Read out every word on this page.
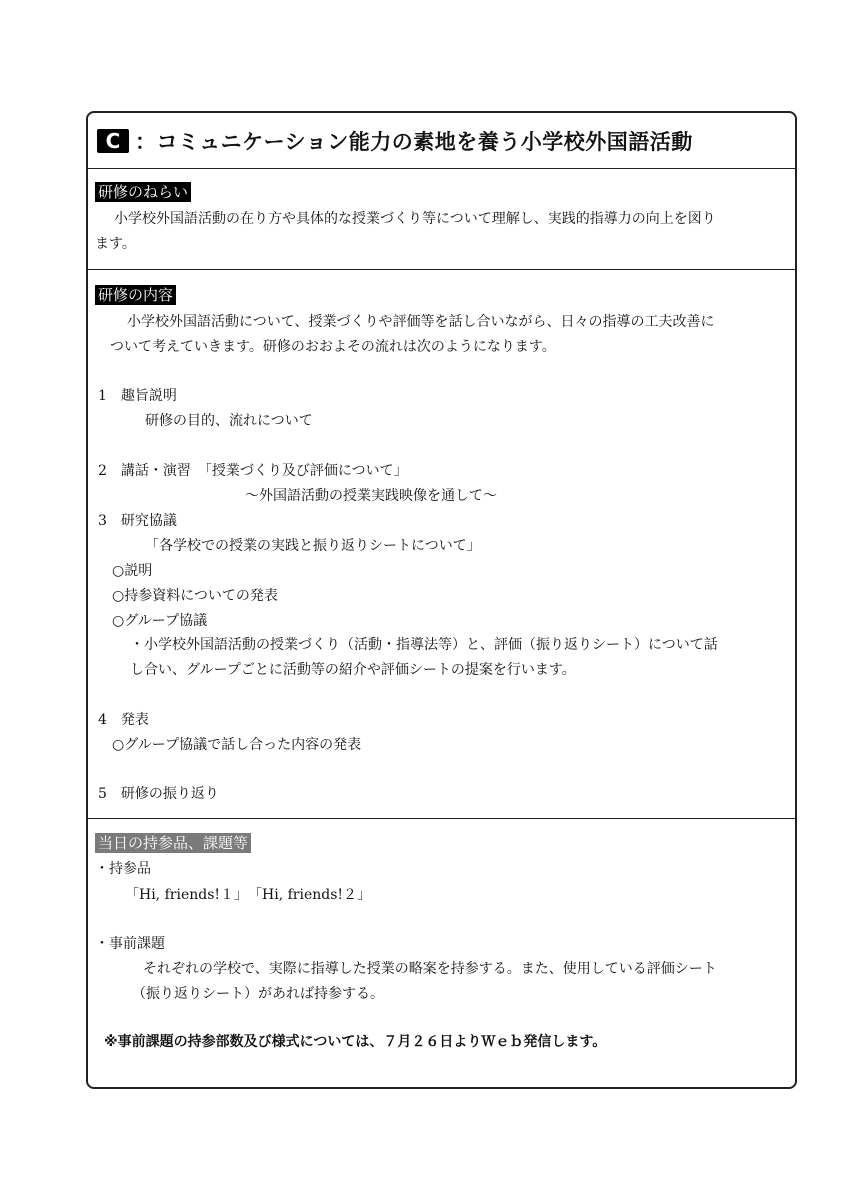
C ：コミュニケーション能力の素地を養う小学校外国語活動
研修のねらい
小学校外国語活動の在り方や具体的な授業づくり等について理解し、実践的指導力の向上を図り
ます。
研修の内容
小学校外国語活動について、授業づくりや評価等を話し合いながら、日々の指導の工夫改善に
ついて考えていきます。研修のおおよその流れは次のようになります。
1　趣旨説明
研修の目的、流れについて
2　講話・演習　「授業づくり及び評価について」
～外国語活動の授業実践映像を通して～
3　研究協議
「各学校での授業の実践と振り返りシートについて」
○説明
○持参資料についての発表
○グループ協議
・小学校外国語活動の授業づくり（活動・指導法等）と、評価（振り返りシート）について話
し合い、グループごとに活動等の紹介や評価シートの提案を行います。
4　発表
○グループ協議で話し合った内容の発表
5　研修の振り返り
当日の持参品、課題等
・持参品
「Hi, friends!１」　「Hi, friends!２」
・事前課題
それぞれの学校で、実際に指導した授業の略案を持参する。また、使用している評価シート
（振り返りシート）があれば持参する。
※事前課題の持参部数及び様式については、７月２６日よりＷｅｂ発信します。
